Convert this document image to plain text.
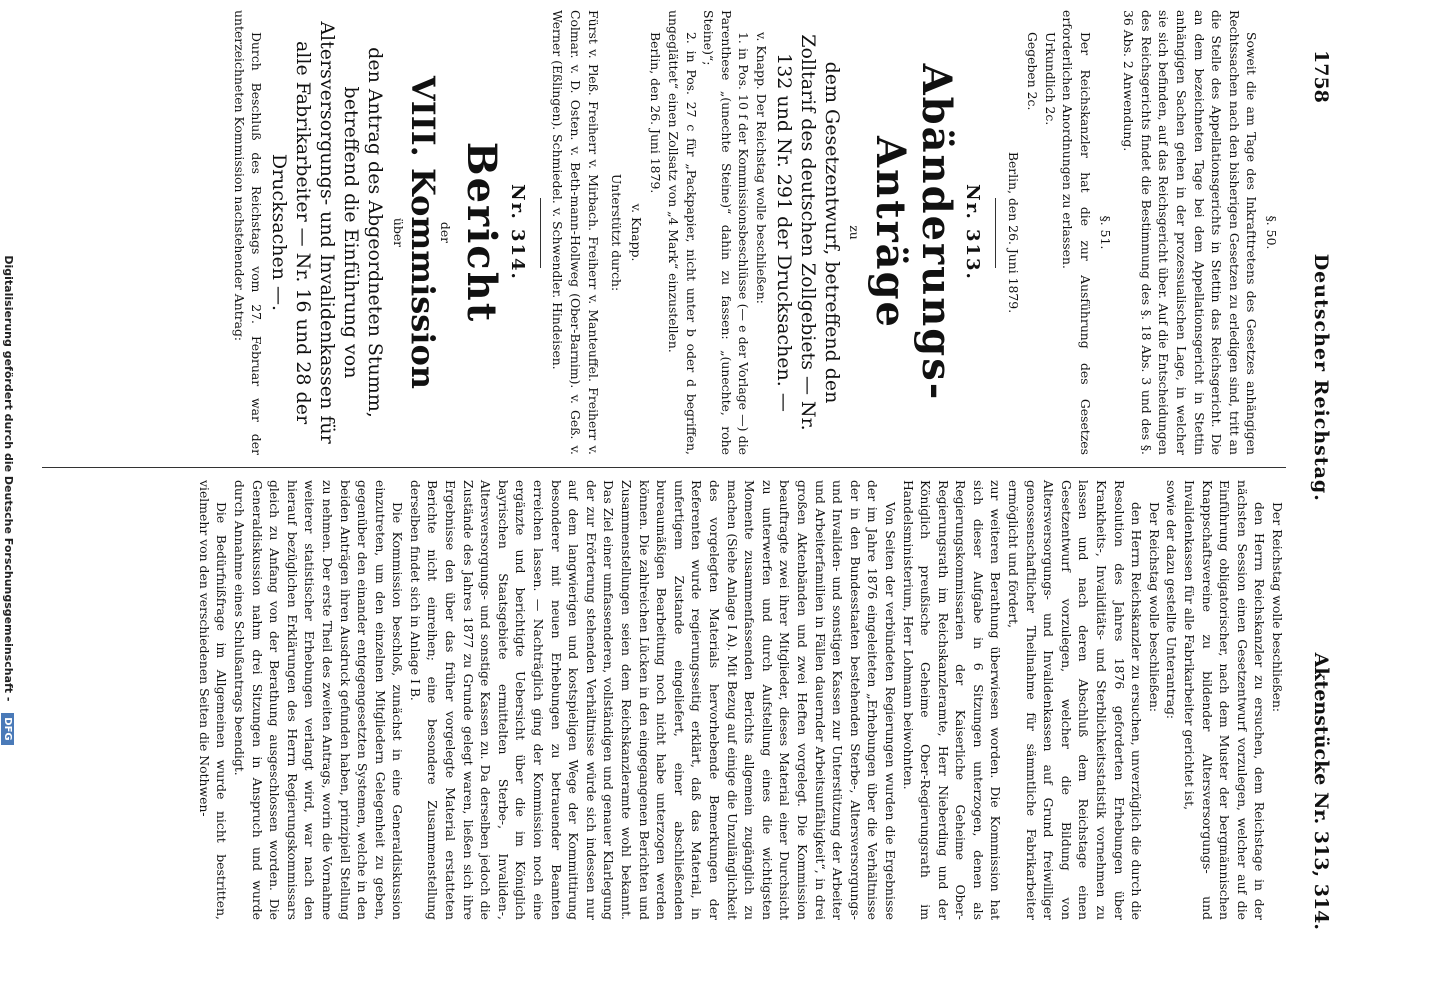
1758
Deutscher Reichstag.
Aktenstücke Nr. 313, 314.

§. 50.

Soweit die am Tage des Inkrafttretens des Gesetzes anhängigen Rechtssachen nach den bisherigen Gesetzen zu erledigen sind, tritt an die Stelle des Appellationsgerichts in Stettin das Reichsgericht. Die an dem bezeichneten Tage bei dem Appellationsgericht in Stettin anhängigen Sachen gehen in der prozessualischen Lage, in welcher sie sich befinden, auf das Reichsgericht über. Auf die Entscheidungen des Reichsgerichts findet die Bestimmung des §. 18 Abs. 3 und des §. 36 Abs. 2 Anwendung.

§. 51.

Der Reichskanzler hat die zur Ausführung des Gesetzes erforderlichen Anordnungen zu erlassen.

Urkundlich 2c.

Gegeben 2c.

Berlin, den 26. Juni 1879.

Nr. 313.

Abänderungs-Anträge

zu

dem Gesetzentwurf, betreffend den Zolltarif des deutschen Zollgebiets — Nr. 132 und Nr. 291 der Drucksachen. —

v. Knapp. Der Reichstag wolle beschließen:

1. in Pos. 10 f der Kommissionsbeschlüsse (— e der Vorlage —) die Parenthese „(unechte Steine)“ dahin zu fassen: „(unechte, rohe Steine)“;

2. in Pos. 27 c für „Packpapier, nicht unter b oder d begriffen, ungeglättet“ einen Zollsatz von „4 Mark“ einzustellen.

Berlin, den 26. Juni 1879.

v. Knapp.

Unterstützt durch:

Fürst v. Pleß. Freiherr v. Mirbach. Freiherr v. Manteuffel. Freiherr v. Colmar. v. D. Osten. v. Beth-mann-Hollweg (Ober-Barnim). v. Geß. v. Werner (Eßlingen). Schmiedel. v. Schwendler. Hindeisen.

Nr. 314.

Bericht

der

VIII. Kommission

über

den Antrag des Abgeordneten Stumm, betreffend die Einführung von Altersversorgungs- und Invalidenkassen für alle Fabrikarbeiter — Nr. 16 und 28 der Drucksachen —.

Durch Beschluß des Reichstags vom 27. Februar war der unterzeichneten Kommission nachstehender Antrag:

Der Reichstag wolle beschließen:

den Herrn Reichskanzler zu ersuchen, dem Reichstage in der nächsten Session einen Gesetzentwurf vorzulegen, welcher auf die Einführung obligatorischer, nach dem Muster der bergmännischen Knappschaftsvereine zu bildender Altersversorgungs- und Invalidenkassen für alle Fabrikarbeiter gerichtet ist,

sowie der dazu gestellte Unterantrag:

Der Reichstag wolle beschließen:

den Herrn Reichskanzler zu ersuchen, unverzüglich die durch die Resolution des Jahres 1876 geforderten Erhebungen über Krankheits-, Invaliditäts- und Sterblichkeitsstatistik vornehmen zu lassen und nach deren Abschluß dem Reichstage einen Gesetzentwurf vorzulegen, welcher die Bildung von Altersversorgungs- und Invalidenkassen auf Grund freiwilliger genossenschaftlicher Theilnahme für sämmtliche Fabrikarbeiter ermöglicht und fördert,

zur weiteren Berathung überwiesen worden. Die Kommission hat sich dieser Aufgabe in 6 Sitzungen unterzogen, denen als Regierungskommissarien der Kaiserliche Geheime Ober-Regierungsrath im Reichskanzleramte, Herr Nieberding und der Königlich preußische Geheime Ober-Regierungsrath im Handelsministerium, Herr Lohmann beiwohnten.

Von Seiten der verbündeten Regierungen wurden die Ergebnisse der im Jahre 1876 eingeleiteten „Erhebungen über die Verhältnisse der in den Bundesstaaten bestehenden Sterbe-, Altersversorgungs- und Invaliden- und sonstigen Kassen zur Unterstützung der Arbeiter und Arbeiterfamilien in Fällen dauernder Arbeitsunfähigkeit“, in drei großen Aktenbänden und zwei Heften vorgelegt. Die Kommission beauftragte zwei ihrer Mitglieder, dieses Material einer Durchsicht zu unterwerfen und durch Aufstellung eines die wichtigsten Momente zusammenfassenden Berichts allgemein zugänglich zu machen (Siehe Anlage I A). Mit Bezug auf einige die Unzulänglichkeit des vorgelegten Materials hervorhebende Bemerkungen der Referenten wurde regierungsseitig erklärt, daß das Material, in unfertigem Zustande eingeliefert, einer abschließenden bureaumäßigen Bearbeitung noch nicht habe unterzogen werden können. Die zahlreichen Lücken in den eingegangenen Berichten und Zusammenstellungen seien dem Reichskanzleramte wohl bekannt. Das Ziel einer umfassenderen, vollständigen und genauer Klarlegung der zur Erörterung stehenden Verhältnisse würde sich indessen nur auf dem langwierigen und kostspieligen Wege der Kommittirung besonderer mit neuen Erhebungen zu betrauender Beamten erreichen lassen. — Nachträglich ging der Kommission noch eine ergänzte und berichtigte Uebersicht über die im Königlich bayrischen Staatsgebiete ermittelten Sterbe-, Invaliden-, Altersversorgungs- und sonstige Kassen zu. Da derselben jedoch die Zustände des Jahres 1877 zu Grunde gelegt waren, ließen sich ihre Ergebnisse den über das früher vorgelegte Material erstatteten Berichte nicht einreihen; eine besondere Zusammenstellung derselben findet sich in Anlage I B.

Die Kommission beschloß, zunächst in eine Generaldiskussion einzutreten, um den einzelnen Mitgliedern Gelegenheit zu geben, gegenüber den einander entgegengesetzten Systemen, welche in den beiden Anträgen ihren Ausdruck gefunden haben, prinzipiell Stellung zu nehmen. Der erste Theil des zweiten Antrags, worin die Vornahme weiterer statistischer Erhebungen verlangt wird, war nach den hierauf bezüglichen Erklärungen des Herrn Regierungskommissars gleich zu Anfang von der Berathung ausgeschlossen worden. Die Generaldiskussion nahm drei Sitzungen in Anspruch und wurde durch Annahme eines Schlußantrags beendigt.

Die Bedürfnißfrage im Allgemeinen wurde nicht bestritten, vielmehr von den verschiedenen Seiten die Nothwen-

Digitalisierung gefördert durch die Deutsche Forschungsgemeinschaft - DFG
